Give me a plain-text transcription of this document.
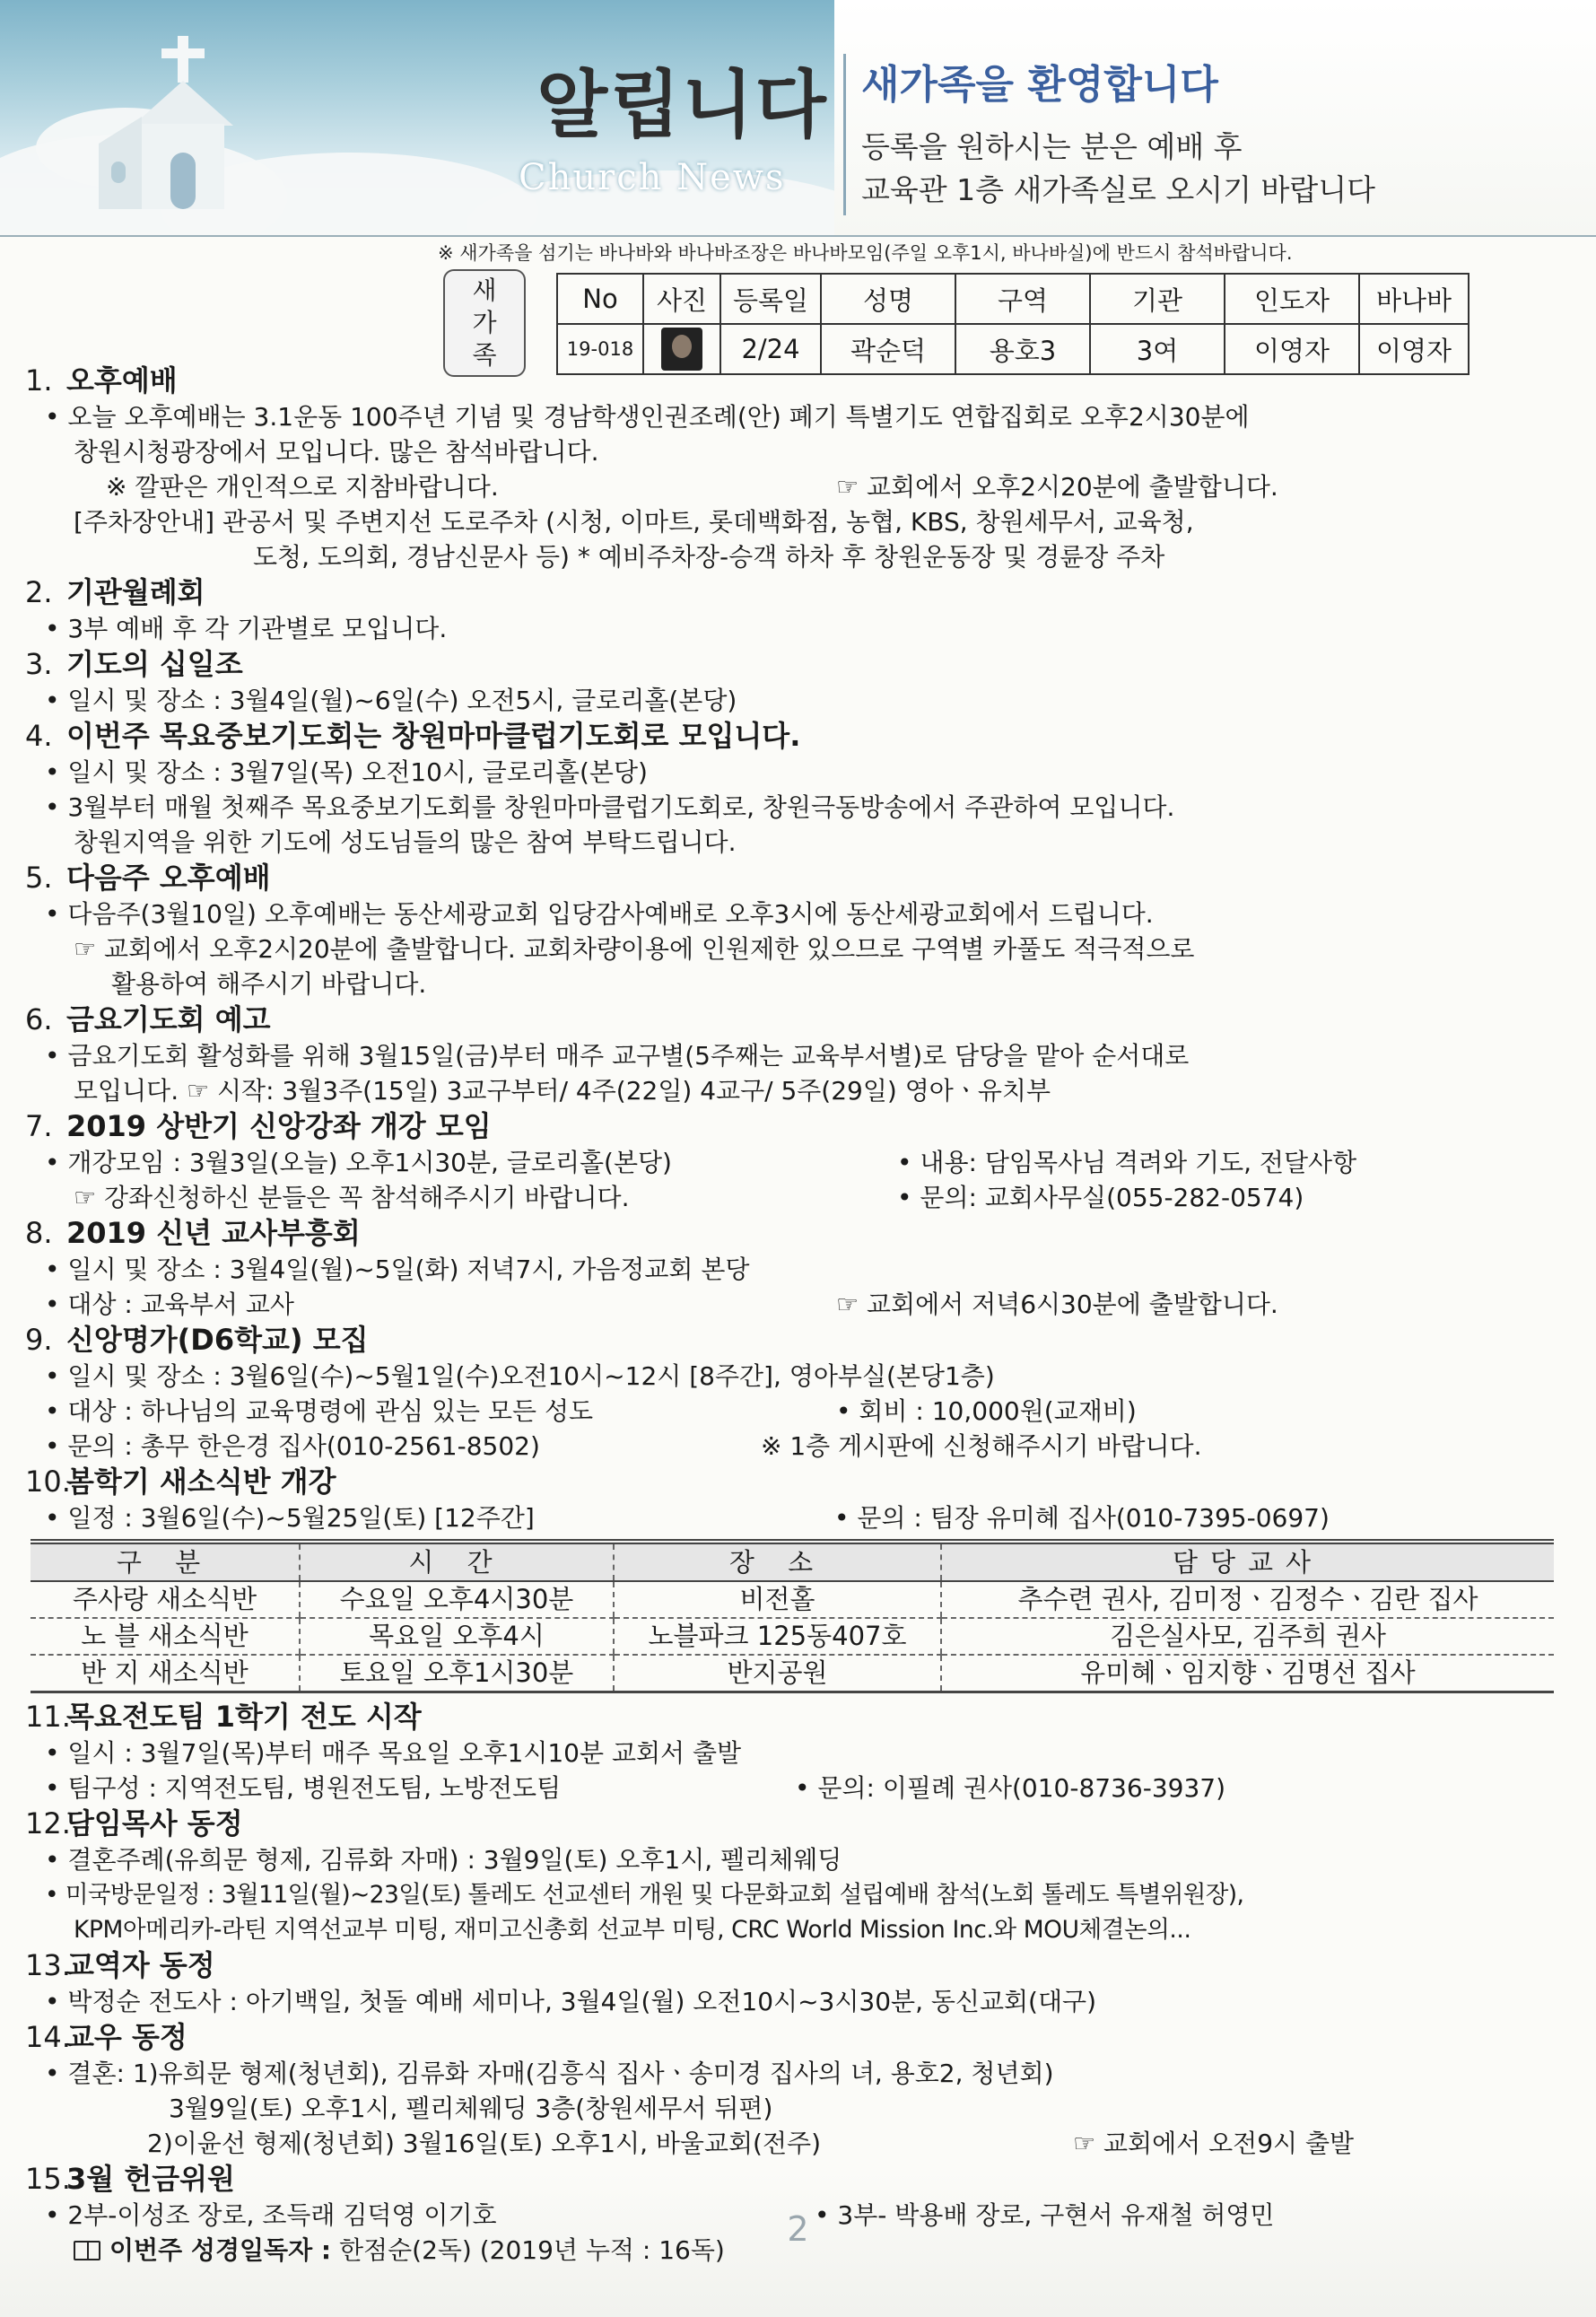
알립니다
Church News
새가족을 환영합니다
등록을 원하시는 분은 예배 후
교육관 1층 새가족실로 오시기 바랍니다
※ 새가족을 섬기는 바나바와 바나바조장은 바나바모임(주일 오후1시, 바나바실)에 반드시 참석바랍니다.
새
가
족
No	사진	등록일	성명	구역	기관	인도자	바나바
19-018		2/24	곽순덕	용호3	3여	이영자	이영자
1. 오후예배
• 오늘 오후예배는 3.1운동 100주년 기념 및 경남학생인권조례(안) 폐기 특별기도 연합집회로 오후2시30분에
창원시청광장에서 모입니다. 많은 참석바랍니다.
※ 깔판은 개인적으로 지참바랍니다.	☞ 교회에서 오후2시20분에 출발합니다.
[주차장안내] 관공서 및 주변지선 도로주차 (시청, 이마트, 롯데백화점, 농협, KBS, 창원세무서, 교육청,
도청, 도의회, 경남신문사 등) * 예비주차장-승객 하차 후 창원운동장 및 경륜장 주차
2. 기관월례회
• 3부 예배 후 각 기관별로 모입니다.
3. 기도의 십일조
• 일시 및 장소 : 3월4일(월)~6일(수) 오전5시, 글로리홀(본당)
4. 이번주 목요중보기도회는 창원마마클럽기도회로 모입니다.
• 일시 및 장소 : 3월7일(목) 오전10시, 글로리홀(본당)
• 3월부터 매월 첫째주 목요중보기도회를 창원마마클럽기도회로, 창원극동방송에서 주관하여 모입니다.
창원지역을 위한 기도에 성도님들의 많은 참여 부탁드립니다.
5. 다음주 오후예배
• 다음주(3월10일) 오후예배는 동산세광교회 입당감사예배로 오후3시에 동산세광교회에서 드립니다.
☞ 교회에서 오후2시20분에 출발합니다. 교회차량이용에 인원제한 있으므로 구역별 카풀도 적극적으로
활용하여 해주시기 바랍니다.
6. 금요기도회 예고
• 금요기도회 활성화를 위해 3월15일(금)부터 매주 교구별(5주째는 교육부서별)로 담당을 맡아 순서대로
모입니다. ☞ 시작: 3월3주(15일) 3교구부터/ 4주(22일) 4교구/ 5주(29일) 영아ㆍ유치부
7. 2019 상반기 신앙강좌 개강 모임
• 개강모임 : 3월3일(오늘) 오후1시30분, 글로리홀(본당)	• 내용: 담임목사님 격려와 기도, 전달사항
☞ 강좌신청하신 분들은 꼭 참석해주시기 바랍니다.	• 문의: 교회사무실(055-282-0574)
8. 2019 신년 교사부흥회
• 일시 및 장소 : 3월4일(월)~5일(화) 저녁7시, 가음정교회 본당
• 대상 : 교육부서 교사	☞ 교회에서 저녁6시30분에 출발합니다.
9. 신앙명가(D6학교) 모집
• 일시 및 장소 : 3월6일(수)~5월1일(수)오전10시~12시 [8주간], 영아부실(본당1층)
• 대상 : 하나님의 교육명령에 관심 있는 모든 성도	• 회비 : 10,000원(교재비)
• 문의 : 총무 한은경 집사(010-2561-8502)	※ 1층 게시판에 신청해주시기 바랍니다.
10.봄학기 새소식반 개강
• 일정 : 3월6일(수)~5월25일(토) [12주간]	• 문의 : 팀장 유미혜 집사(010-7395-0697)
구 분	시 간	장 소	담당교사
주사랑 새소식반	수요일 오후4시30분	비전홀	추수련 권사, 김미정ㆍ김정수ㆍ김란 집사
노 블 새소식반	목요일 오후4시	노블파크 125동407호	김은실사모, 김주희 권사
반 지 새소식반	토요일 오후1시30분	반지공원	유미혜ㆍ임지향ㆍ김명선 집사
11.목요전도팀 1학기 전도 시작
• 일시 : 3월7일(목)부터 매주 목요일 오후1시10분 교회서 출발
• 팀구성 : 지역전도팀, 병원전도팀, 노방전도팀	• 문의: 이필례 권사(010-8736-3937)
12.담임목사 동정
• 결혼주례(유희문 형제, 김류화 자매) : 3월9일(토) 오후1시, 펠리체웨딩
• 미국방문일정 : 3월11일(월)~23일(토) 톨레도 선교센터 개원 및 다문화교회 설립예배 참석(노회 톨레도 특별위원장),
KPM아메리카-라틴 지역선교부 미팅, 재미고신총회 선교부 미팅, CRC World Mission Inc.와 MOU체결논의...
13.교역자 동정
• 박정순 전도사 : 아기백일, 첫돌 예배 세미나, 3월4일(월) 오전10시~3시30분, 동신교회(대구)
14.교우 동정
• 결혼: 1)유희문 형제(청년회), 김류화 자매(김흥식 집사ㆍ송미경 집사의 녀, 용호2, 청년회)
3월9일(토) 오후1시, 펠리체웨딩 3층(창원세무서 뒤편)
2)이윤선 형제(청년회) 3월16일(토) 오후1시, 바울교회(전주)	☞ 교회에서 오전9시 출발
15.3월 헌금위원
• 2부-이성조 장로, 조득래 김덕영 이기호	• 3부- 박용배 장로, 구현서 유재철 허영민
이번주 성경일독자 : 한점순(2독) (2019년 누적 : 16독)
2
